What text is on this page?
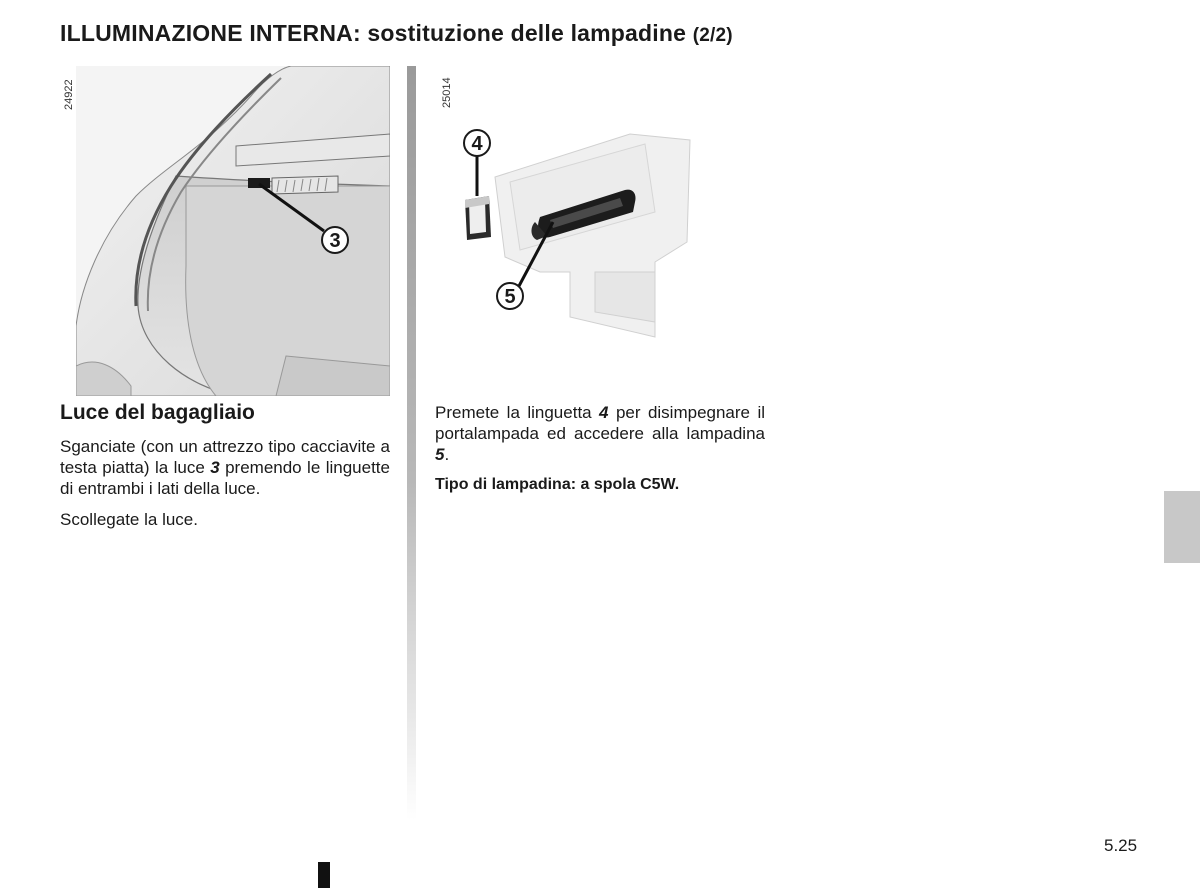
ILLUMINAZIONE INTERNA: sostituzione delle lampadine (2/2)
24922	25014
3
4
5
Luce del bagagliaio

Sganciate (con un attrezzo tipo cacciavite a testa piatta) la luce 3 premendo le linguette di entrambi i lati della luce.

Scollegate la luce.

Premete la linguetta 4 per disimpegnare il portalampada ed accedere alla lampadina 5.

Tipo di lampadina: a spola C5W.

5.25
